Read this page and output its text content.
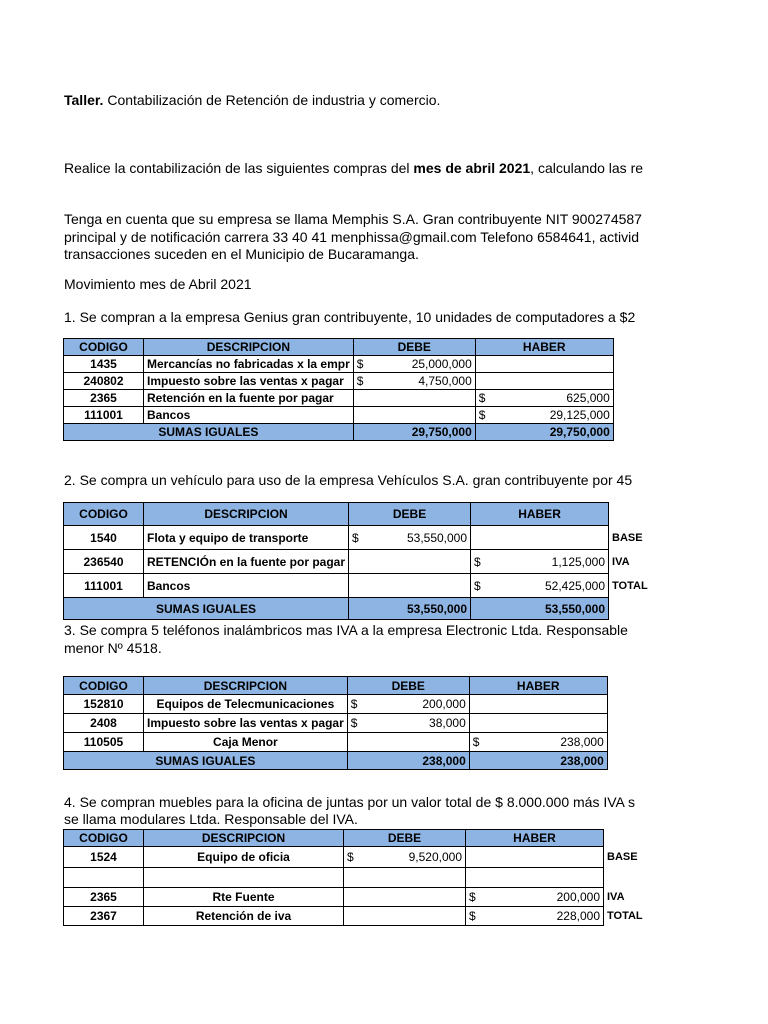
Taller. Contabilización de Retención de industria y comercio.
Realice la contabilización de las siguientes compras del mes de abril 2021, calculando las re
Tenga en cuenta que su empresa se llama Memphis S.A. Gran contribuyente NIT 900274587
principal y de notificación carrera 33 40 41 menphissa@gmail.com Telefono 6584641, activid
transacciones suceden en el Municipio de Bucaramanga.
Movimiento mes de Abril 2021
1. Se compran a la empresa Genius gran contribuyente, 10 unidades de computadores a $2
CODIGO	DESCRIPCION	DEBE	HABER
1435	Mercancías no fabricadas x la empr	$ 25,000,000	

240802	Impuesto sobre las ventas x pagar	$ 4,750,000	

2365	Retención en la fuente por pagar		$ 625,000

111001	Bancos		$ 29,125,000

SUMAS IGUALES		29,750,000	29,750,000
2. Se compra un vehículo para uso de la empresa Vehículos S.A. gran contribuyente por 45
CODIGO	DESCRIPCION	DEBE	HABER	
1540	Flota y equipo de transporte	$ 53,550,000		BASE
236540	RETENCIÓn en la fuente por pagar		$ 1,125,000	IVA
111001	Bancos		$ 52,425,000	TOTAL
SUMAS IGUALES		53,550,000	53,550,000	
3. Se compra 5 teléfonos inalámbricos mas IVA a la empresa Electronic Ltda. Responsable
menor Nº 4518.
CODIGO	DESCRIPCION	DEBE	HABER
152810	Equipos de Telecmunicaciones	$ 200,000	

2408	Impuesto sobre las ventas x pagar	$ 38,000	

110505	Caja Menor		$ 238,000

SUMAS IGUALES		238,000	238,000
4. Se compran muebles para la oficina de juntas por un valor total de $ 8.000.000 más IVA s
se llama modulares Ltda. Responsable del IVA.
CODIGO	DESCRIPCION	DEBE	HABER	
1524	Equipo de oficia	$ 9,520,000		BASE

2365	Rte Fuente		$ 200,000	IVA
2367	Retención de iva		$ 228,000	TOTAL
